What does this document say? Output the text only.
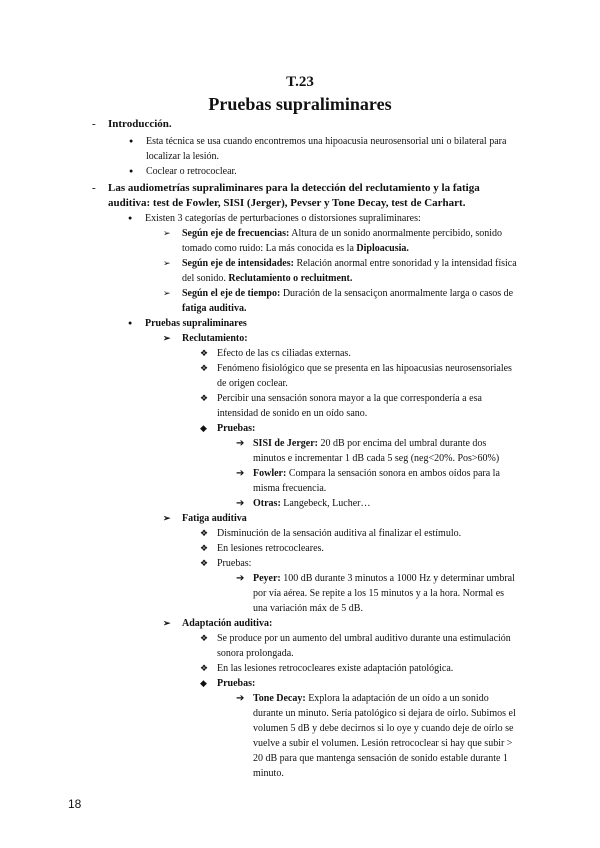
T.23
Pruebas supraliminares
- Introducción.
● Esta técnica se usa cuando encontremos una hipoacusia neurosensorial uni o bilateral para localizar la lesión.
● Coclear o retrococlear.
- Las audiometrías supraliminares para la detección del reclutamiento y la fatiga auditiva: test de Fowler, SISI (Jerger), Pevser y Tone Decay, test de Carhart.
● Existen 3 categorías de perturbaciones o distorsiones supraliminares:
➢ Según eje de frecuencias: Altura de un sonido anormalmente percibido, sonido tomado como ruido: La más conocida es la Diploacusia.
➢ Según eje de intensidades: Relación anormal entre sonoridad y la intensidad física del sonido. Reclutamiento o recluitment.
➢ Según el eje de tiempo: Duración de la sensaciçon anormalmente larga o casos de fatiga auditiva.
● Pruebas supraliminares
➢ Reclutamiento:
❖ Efecto de las cs ciliadas externas.
❖ Fenómeno fisiológico que se presenta en las hipoacusias neurosensoriales de origen coclear.
❖ Percibir una sensación sonora mayor a la que correspondería a esa intensidad de sonido en un oído sano.
◆ Pruebas:
➔ SISI de Jerger: 20 dB por encima del umbral durante dos minutos e incrementar 1 dB cada 5 seg (neg<20%. Pos>60%)
➔ Fowler: Compara la sensación sonora en ambos oídos para la misma frecuencia.
➔ Otras: Langebeck, Lucher…
➢ Fatiga auditiva
❖ Disminución de la sensación auditiva al finalizar el estímulo.
❖ En lesiones retrococleares.
❖ Pruebas:
➔ Peyer: 100 dB durante 3 minutos a 1000 Hz y determinar umbral por vía aérea. Se repite a los 15 minutos y a la hora. Normal es una variación máx de 5 dB.
➢ Adaptación auditiva:
❖ Se produce por un aumento del umbral auditivo durante una estimulación sonora prolongada.
❖ En las lesiones retrococleares existe adaptación patológica.
◆ Pruebas:
➔ Tone Decay: Explora la adaptación de un oído a un sonido durante un minuto. Sería patológico si dejara de oírlo. Subimos el volumen 5 dB y debe decirnos si lo oye y cuando deje de oírlo se vuelve a subir el volumen. Lesión retrococlear si hay que subir > 20 dB para que mantenga sensación de sonido estable durante 1 minuto.
18
